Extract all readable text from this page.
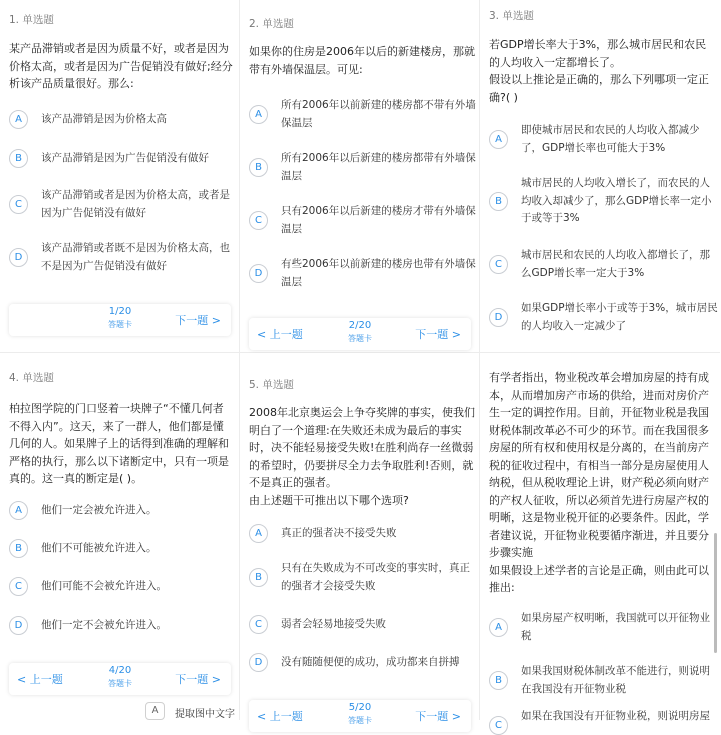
1. 单选题

某产品滞销或者是因为质量不好，或者是因为

价格太高，或者是因为广告促销没有做好;经分

析该产品质量很好。那么:

A	该产品滞销是因为价格太高
B	该产品滞销是因为广告促销没有做好
C
该产品滞销或者是因为价格太高，或者是
因为广告促销没有做好
D
该产品滞销或者既不是因为价格太高，也
不是因为广告促销没有做好
1/20
答题卡	下一题 >
2. 单选题

如果你的住房是2006年以后的新建楼房，那就

带有外墙保温层。可见:

A
所有2006年以前新建的楼房都不带有外墙
保温层
B
所有2006年以后新建的楼房都带有外墙保
温层
C
只有2006年以后新建的楼房才带有外墙保
温层
D
有些2006年以前新建的楼房也带有外墙保
温层
< 上一题
2/20
答题卡	下一题 >
3. 单选题

若GDP增长率大于3%，那么城市居民和农民

的人均收入一定都增长了。

假设以上推论是正确的，那么下列哪项一定正

确?( )

A
即使城市居民和农民的人均收入都减少
了，GDP增长率也可能大于3%
B
城市居民的人均收入增长了，而农民的人
均收入却减少了，那么GDP增长率一定小
于或等于3%
C
城市居民和农民的人均收入都增长了，那
么GDP增长率一定大于3%
D
如果GDP增长率小于或等于3%，城市居民
的人均收入一定减少了
4. 单选题

柏拉图学院的门口竖着一块牌子“不懂几何者

不得入内”。这天，来了一群人，他们都是懂

几何的人。如果牌子上的话得到准确的理解和

严格的执行，那么以下诸断定中，只有一项是

真的。这一真的断定是( )。

A	他们一定会被允许进入。
B	他们不可能被允许进入。
C	他们可能不会被允许进入。
D	他们一定不会被允许进入。
< 上一题
4/20
答题卡	下一题 >
A	提取图中文字
5. 单选题

2008年北京奥运会上争夺奖牌的事实，使我们

明白了一个道理:在失败还未成为最后的事实

时，决不能轻易接受失败!在胜利尚存一丝微弱

的希望时，仍要拼尽全力去争取胜利!否则，就

不是真正的强者。

由上述题干可推出以下哪个选项?

A	真正的强者决不接受失败
B
只有在失败成为不可改变的事实时，真正
的强者才会接受失败
C	弱者会轻易地接受失败
D	没有随随便便的成功，成功都来自拼搏
< 上一题
5/20
答题卡	下一题 >

有学者指出，物业税改革会增加房屋的持有成

本，从而增加房产市场的供给，进而对房价产

生一定的调控作用。目前，开征物业税是我国

财税体制改革必不可少的环节。而在我国很多

房屋的所有权和使用权是分离的，在当前房产

税的征收过程中，有相当一部分是房屋使用人

纳税，但从税收理论上讲，财产税必须向财产

的产权人征收，所以必须首先进行房屋产权的

明晰，这是物业税开征的必要条件。因此，学

者建议说，开征物业税要循序渐进，并且要分

步骤实施

如果假设上述学者的言论是正确，则由此可以

推出:

A
如果房屋产权明晰，我国就可以开征物业
税
B
如果我国财税体制改革不能进行，则说明
在我国没有开征物业税
C
如果在我国没有开征物业税，则说明房屋
